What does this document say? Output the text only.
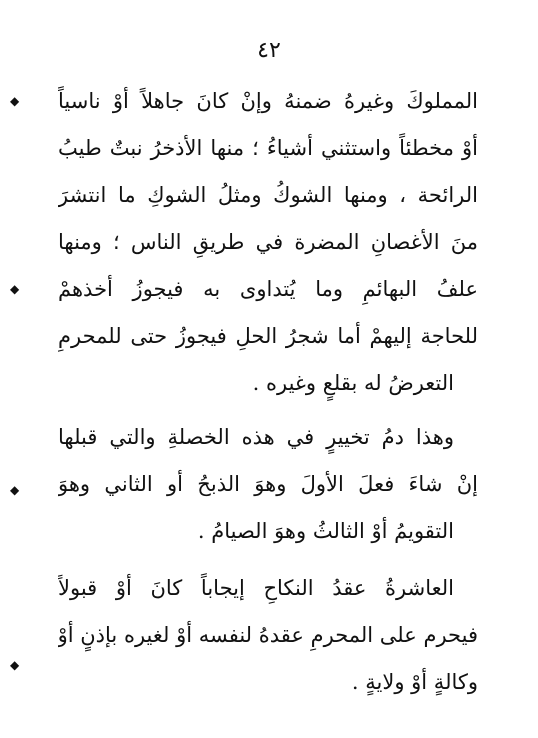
٤٢
المملوكَ وغيرهُ ضمنهُ وإنْ كانَ جاهلاً أوْ ناسياً
أوْ مخطئاً واستثني أشياءُ ؛ منها الأذخرُ نبتٌ طيبُ
الرائحة ، ومنها الشوكُ ومثلُ الشوكِ ما انتشرَ
منَ الأغصانِ المضرة في طريقِ الناس ؛ ومنها
علفُ البهائمِ وما يُتداوى به فيجوزُ أخذهمْ
للحاجة إليهمْ أما شجرُ الحلِ فيجوزُ حتى للمحرمِ
التعرضُ له بقلعٍ وغيره .
وهذا دمُ تخييرٍ في هذه الخصلةِ والتي قبلها
إنْ شاءَ فعلَ الأولَ وهوَ الذبحُ أو الثاني وهوَ
التقويمُ أوْ الثالثُ وهوَ الصيامُ .
العاشرةُ عقدُ النكاحِ إيجاباً كانَ أوْ قبولاً
فيحرم على المحرمِ عقدهُ لنفسه أوْ لغيره بإذنٍ أوْ
وكالةٍ أوْ ولايةٍ .
◆
◆
◆
◆
